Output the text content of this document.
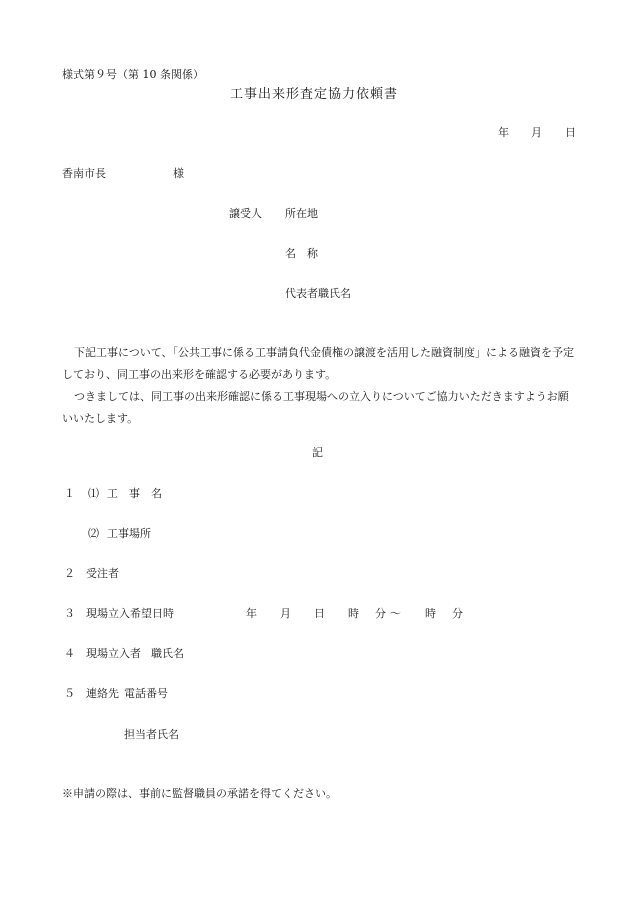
様式第９号（第 10 条関係）
工事出来形査定協力依頼書
年 月 日
香南市長	様
譲受人 所在地
名　称
代表者職氏名
下記工事について、「公共工事に係る工事請負代金債権の譲渡を活用した融資制度」による融資を予定しており、同工事の出来形を確認する必要があります。
つきましては、同工事の出来形確認に係る工事現場への立入りについてご協力いただきますようお願いいたします。
記
１ ⑴ 工　事　名
⑵ 工事場所
２ 受注者
３ 現場立入希望日時	年 月 日 時 分 ～ 時 分
４ 現場立入者 職氏名
５ 連絡先 電話番号
担当者氏名
※申請の際は、事前に監督職員の承諾を得てください。
